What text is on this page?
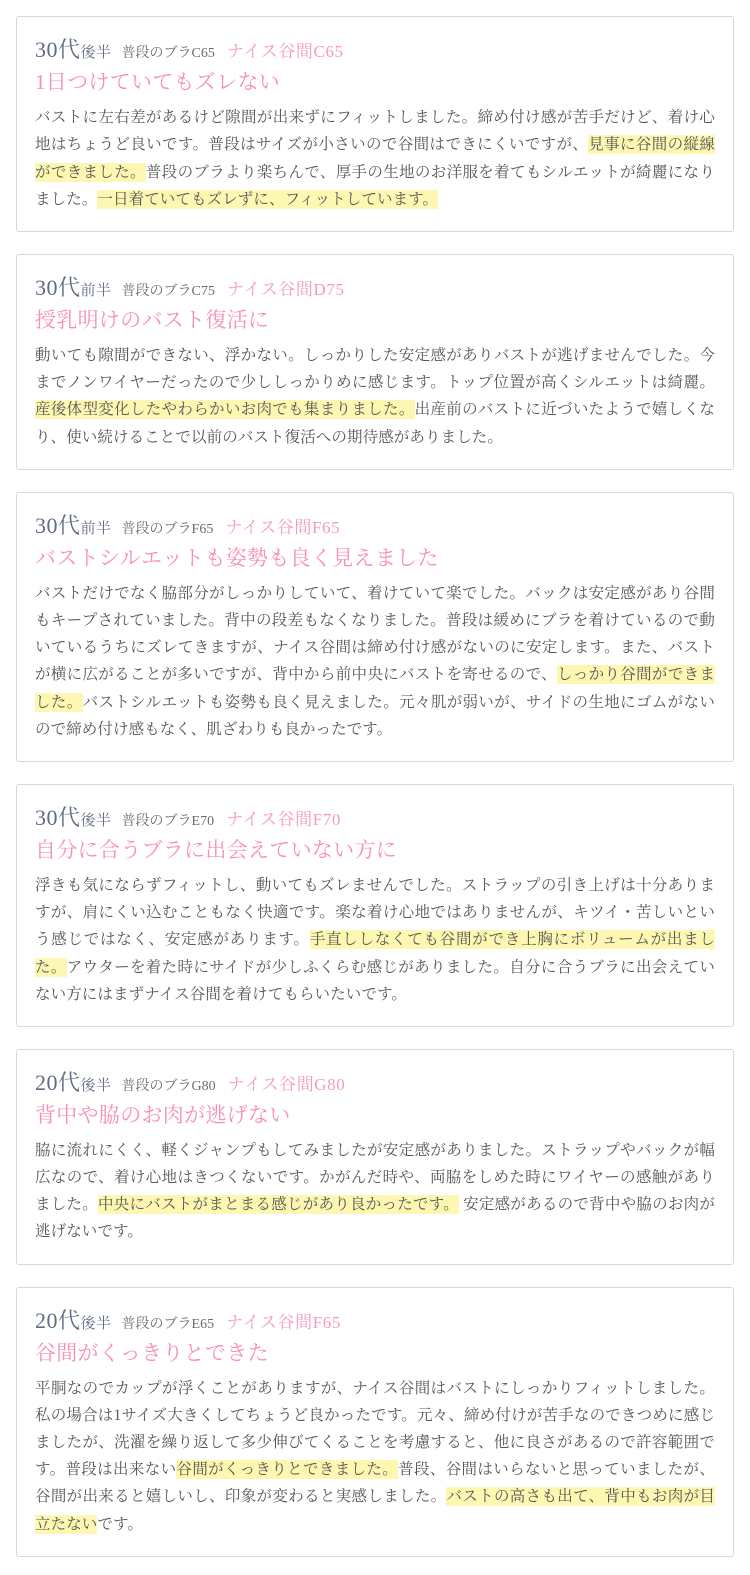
30代後半 普段のブラC65 ナイス谷間C65
1日つけていてもズレない
バストに左右差があるけど隙間が出来ずにフィットしました。締め付け感が苦手だけど、着け心地はちょうど良いです。普段はサイズが小さいので谷間はできにくいですが、見事に谷間の縦線ができました。普段のブラより楽ちんで、厚手の生地のお洋服を着てもシルエットが綺麗になりました。一日着ていてもズレずに、フィットしています。
30代前半 普段のブラC75 ナイス谷間D75
授乳明けのバスト復活に
動いても隙間ができない、浮かない。しっかりした安定感がありバストが逃げませんでした。今までノンワイヤーだったので少ししっかりめに感じます。トップ位置が高くシルエットは綺麗。産後体型変化したやわらかいお肉でも集まりました。出産前のバストに近づいたようで嬉しくなり、使い続けることで以前のバスト復活への期待感がありました。
30代前半 普段のブラF65 ナイス谷間F65
バストシルエットも姿勢も良く見えました
バストだけでなく脇部分がしっかりしていて、着けていて楽でした。バックは安定感があり谷間もキープされていました。背中の段差もなくなりました。普段は緩めにブラを着けているので動いているうちにズレてきますが、ナイス谷間は締め付け感がないのに安定します。また、バストが横に広がることが多いですが、背中から前中央にバストを寄せるので、しっかり谷間ができました。バストシルエットも姿勢も良く見えました。元々肌が弱いが、サイドの生地にゴムがないので締め付け感もなく、肌ざわりも良かったです。
30代後半 普段のブラE70 ナイス谷間F70
自分に合うブラに出会えていない方に
浮きも気にならずフィットし、動いてもズレませんでした。ストラップの引き上げは十分ありますが、肩にくい込むこともなく快適です。楽な着け心地ではありませんが、キツイ・苦しいという感じではなく、安定感があります。手直ししなくても谷間ができ上胸にボリュームが出ました。アウターを着た時にサイドが少しふくらむ感じがありました。自分に合うブラに出会えていない方にはまずナイス谷間を着けてもらいたいです。
20代後半 普段のブラG80 ナイス谷間G80
背中や脇のお肉が逃げない
脇に流れにくく、軽くジャンプもしてみましたが安定感がありました。ストラップやバックが幅広なので、着け心地はきつくないです。かがんだ時や、両脇をしめた時にワイヤーの感触がありました。中央にバストがまとまる感じがあり良かったです。 安定感があるので背中や脇のお肉が逃げないです。
20代後半 普段のブラE65 ナイス谷間F65
谷間がくっきりとできた
平胴なのでカップが浮くことがありますが、ナイス谷間はバストにしっかりフィットしました。私の場合は1サイズ大きくしてちょうど良かったです。元々、締め付けが苦手なのできつめに感じましたが、洗濯を繰り返して多少伸びてくることを考慮すると、他に良さがあるので許容範囲です。普段は出来ない谷間がくっきりとできました。普段、谷間はいらないと思っていましたが、谷間が出来ると嬉しいし、印象が変わると実感しました。バストの高さも出て、背中もお肉が目立たないです。
